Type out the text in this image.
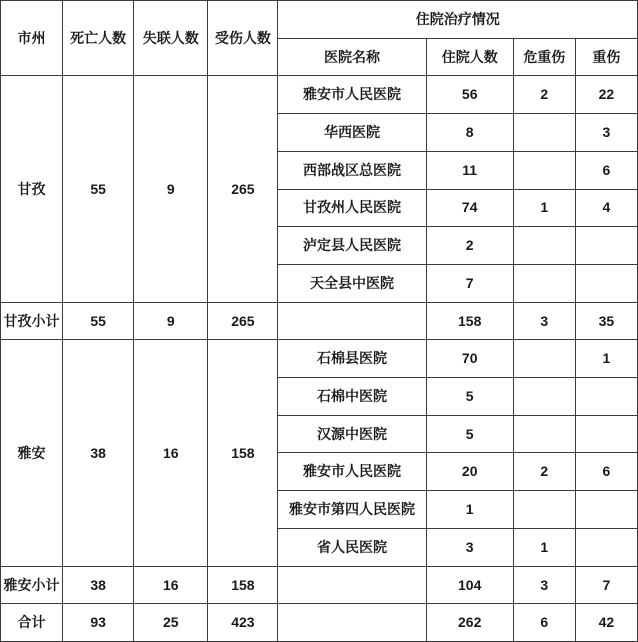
市州	死亡人数	失联人数	受伤人数	住院治疗情况			
				医院名称	住院人数	危重伤	重伤
甘孜	55	9	265	雅安市人民医院	56	2	22
				华西医院	8		3
				西部战区总医院	11		6
				甘孜州人民医院	74	1	4
				泸定县人民医院	2		
				天全县中医院	7		
甘孜小计	55	9	265		158	3	35
雅安	38	16	158	石棉县医院	70		1
				石棉中医院	5		
				汉源中医院	5		
				雅安市人民医院	20	2	6
				雅安市第四人民医院	1		
				省人民医院	3	1	
雅安小计	38	16	158		104	3	7
合计	93	25	423		262	6	42
